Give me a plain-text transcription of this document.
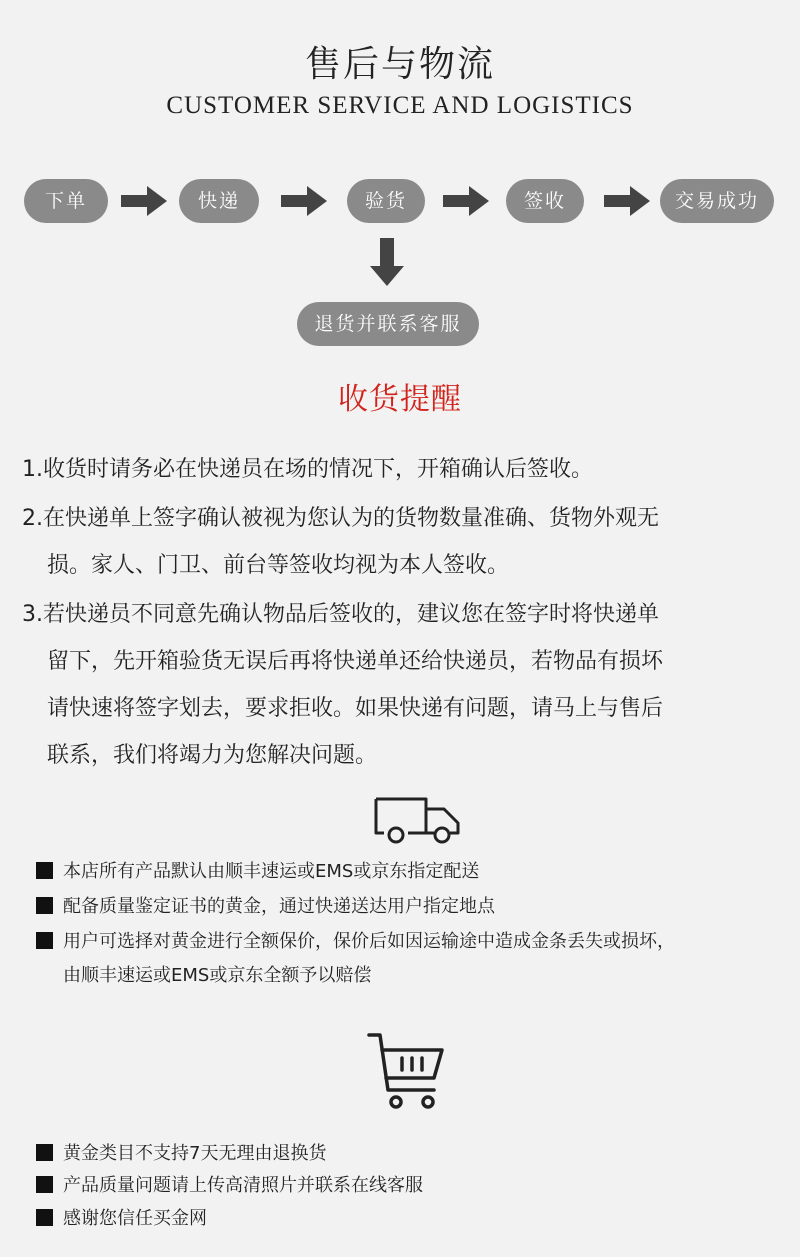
售后与物流
CUSTOMER SERVICE AND LOGISTICS
下单	快递	验货	签收	交易成功
退货并联系客服
收货提醒
1.收货时请务必在快递员在场的情况下，开箱确认后签收。
2.在快递单上签字确认被视为您认为的货物数量准确、货物外观无
损。家人、门卫、前台等签收均视为本人签收。
3.若快递员不同意先确认物品后签收的，建议您在签字时将快递单
留下，先开箱验货无误后再将快递单还给快递员，若物品有损坏
请快速将签字划去，要求拒收。如果快递有问题，请马上与售后
联系，我们将竭力为您解决问题。
本店所有产品默认由顺丰速运或EMS或京东指定配送
配备质量鉴定证书的黄金，通过快递送达用户指定地点
用户可选择对黄金进行全额保价，保价后如因运输途中造成金条丢失或损坏，
由顺丰速运或EMS或京东全额予以赔偿
黄金类目不支持7天无理由退换货
产品质量问题请上传高清照片并联系在线客服
感谢您信任买金网
